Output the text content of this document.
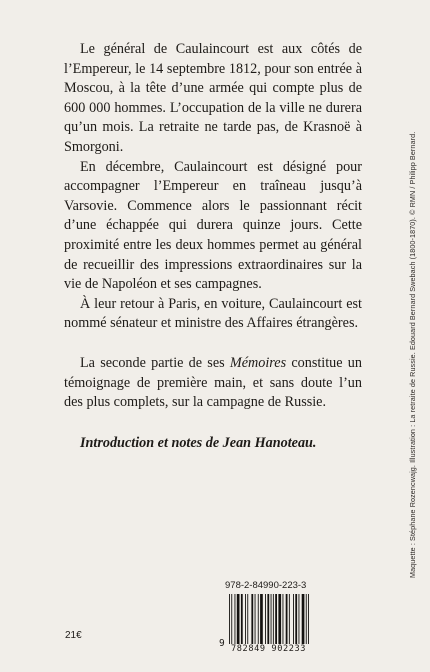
Le général de Caulaincourt est aux côtés de l’Empereur, le 14 septembre 1812, pour son entrée à Moscou, à la tête d’une armée qui compte plus de 600 000 hommes. L’occupation de la ville ne durera qu’un mois. La retraite ne tarde pas, de Krasnoë à Smorgoni.

En décembre, Caulaincourt est désigné pour accompagner l’Empereur en traîneau jusqu’à Varsovie. Commence alors le passionnant récit d’une échappée qui durera quinze jours. Cette proximité entre les deux hommes permet au général de recueillir des impressions extraordinaires sur la vie de Napoléon et ses campagnes.

À leur retour à Paris, en voiture, Caulaincourt est nommé sénateur et ministre des Affaires étrangères.

La seconde partie de ses Mémoires constitue un témoignage de première main, et sans doute l’un des plus complets, sur la campagne de Russie.

Introduction et notes de Jean Hanoteau.	Maquette : Stéphane Rozencwajg. Illustration : La retraite de Russie. Edouard Bernard Swebach (1800-1870). © RMN / Philipp Bernard.
978-2-84990-223-3
9 782849 902233
21€
